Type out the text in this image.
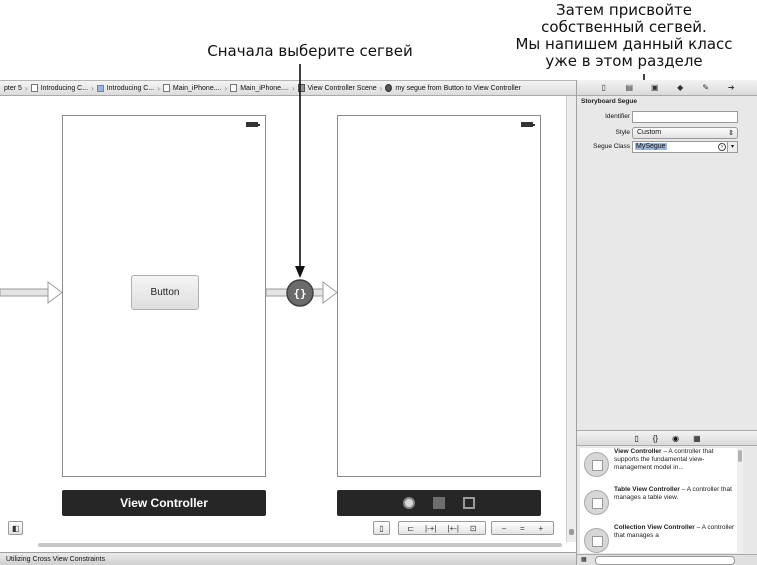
Затем присвойте
собственный сегвей.
Мы напишем данный класс
уже в этом разделе
Сначала выберите сегвей
pter 5 › Introducing C... › Introducing C... › Main_iPhone.... › Main_iPhone.... › View Controller Scene › my segue from Button to View Controller
Button
View Controller
◧	▯	⊏ |-+| |+-| ⊡	– = +
{}
Utilizing Cross View Constraints
▯	▤ ▣ ◆ ✎ ➔
Storyboard Segue
Identifier
Style	Custom	⇕
Segue Class MySegue	›	▾
▯ {} ◉ ▦
View Controller – A controller that supports the fundamental view-management model in...
Table View Controller – A controller that manages a table view.
Collection View Controller – A controller that manages a
▦
